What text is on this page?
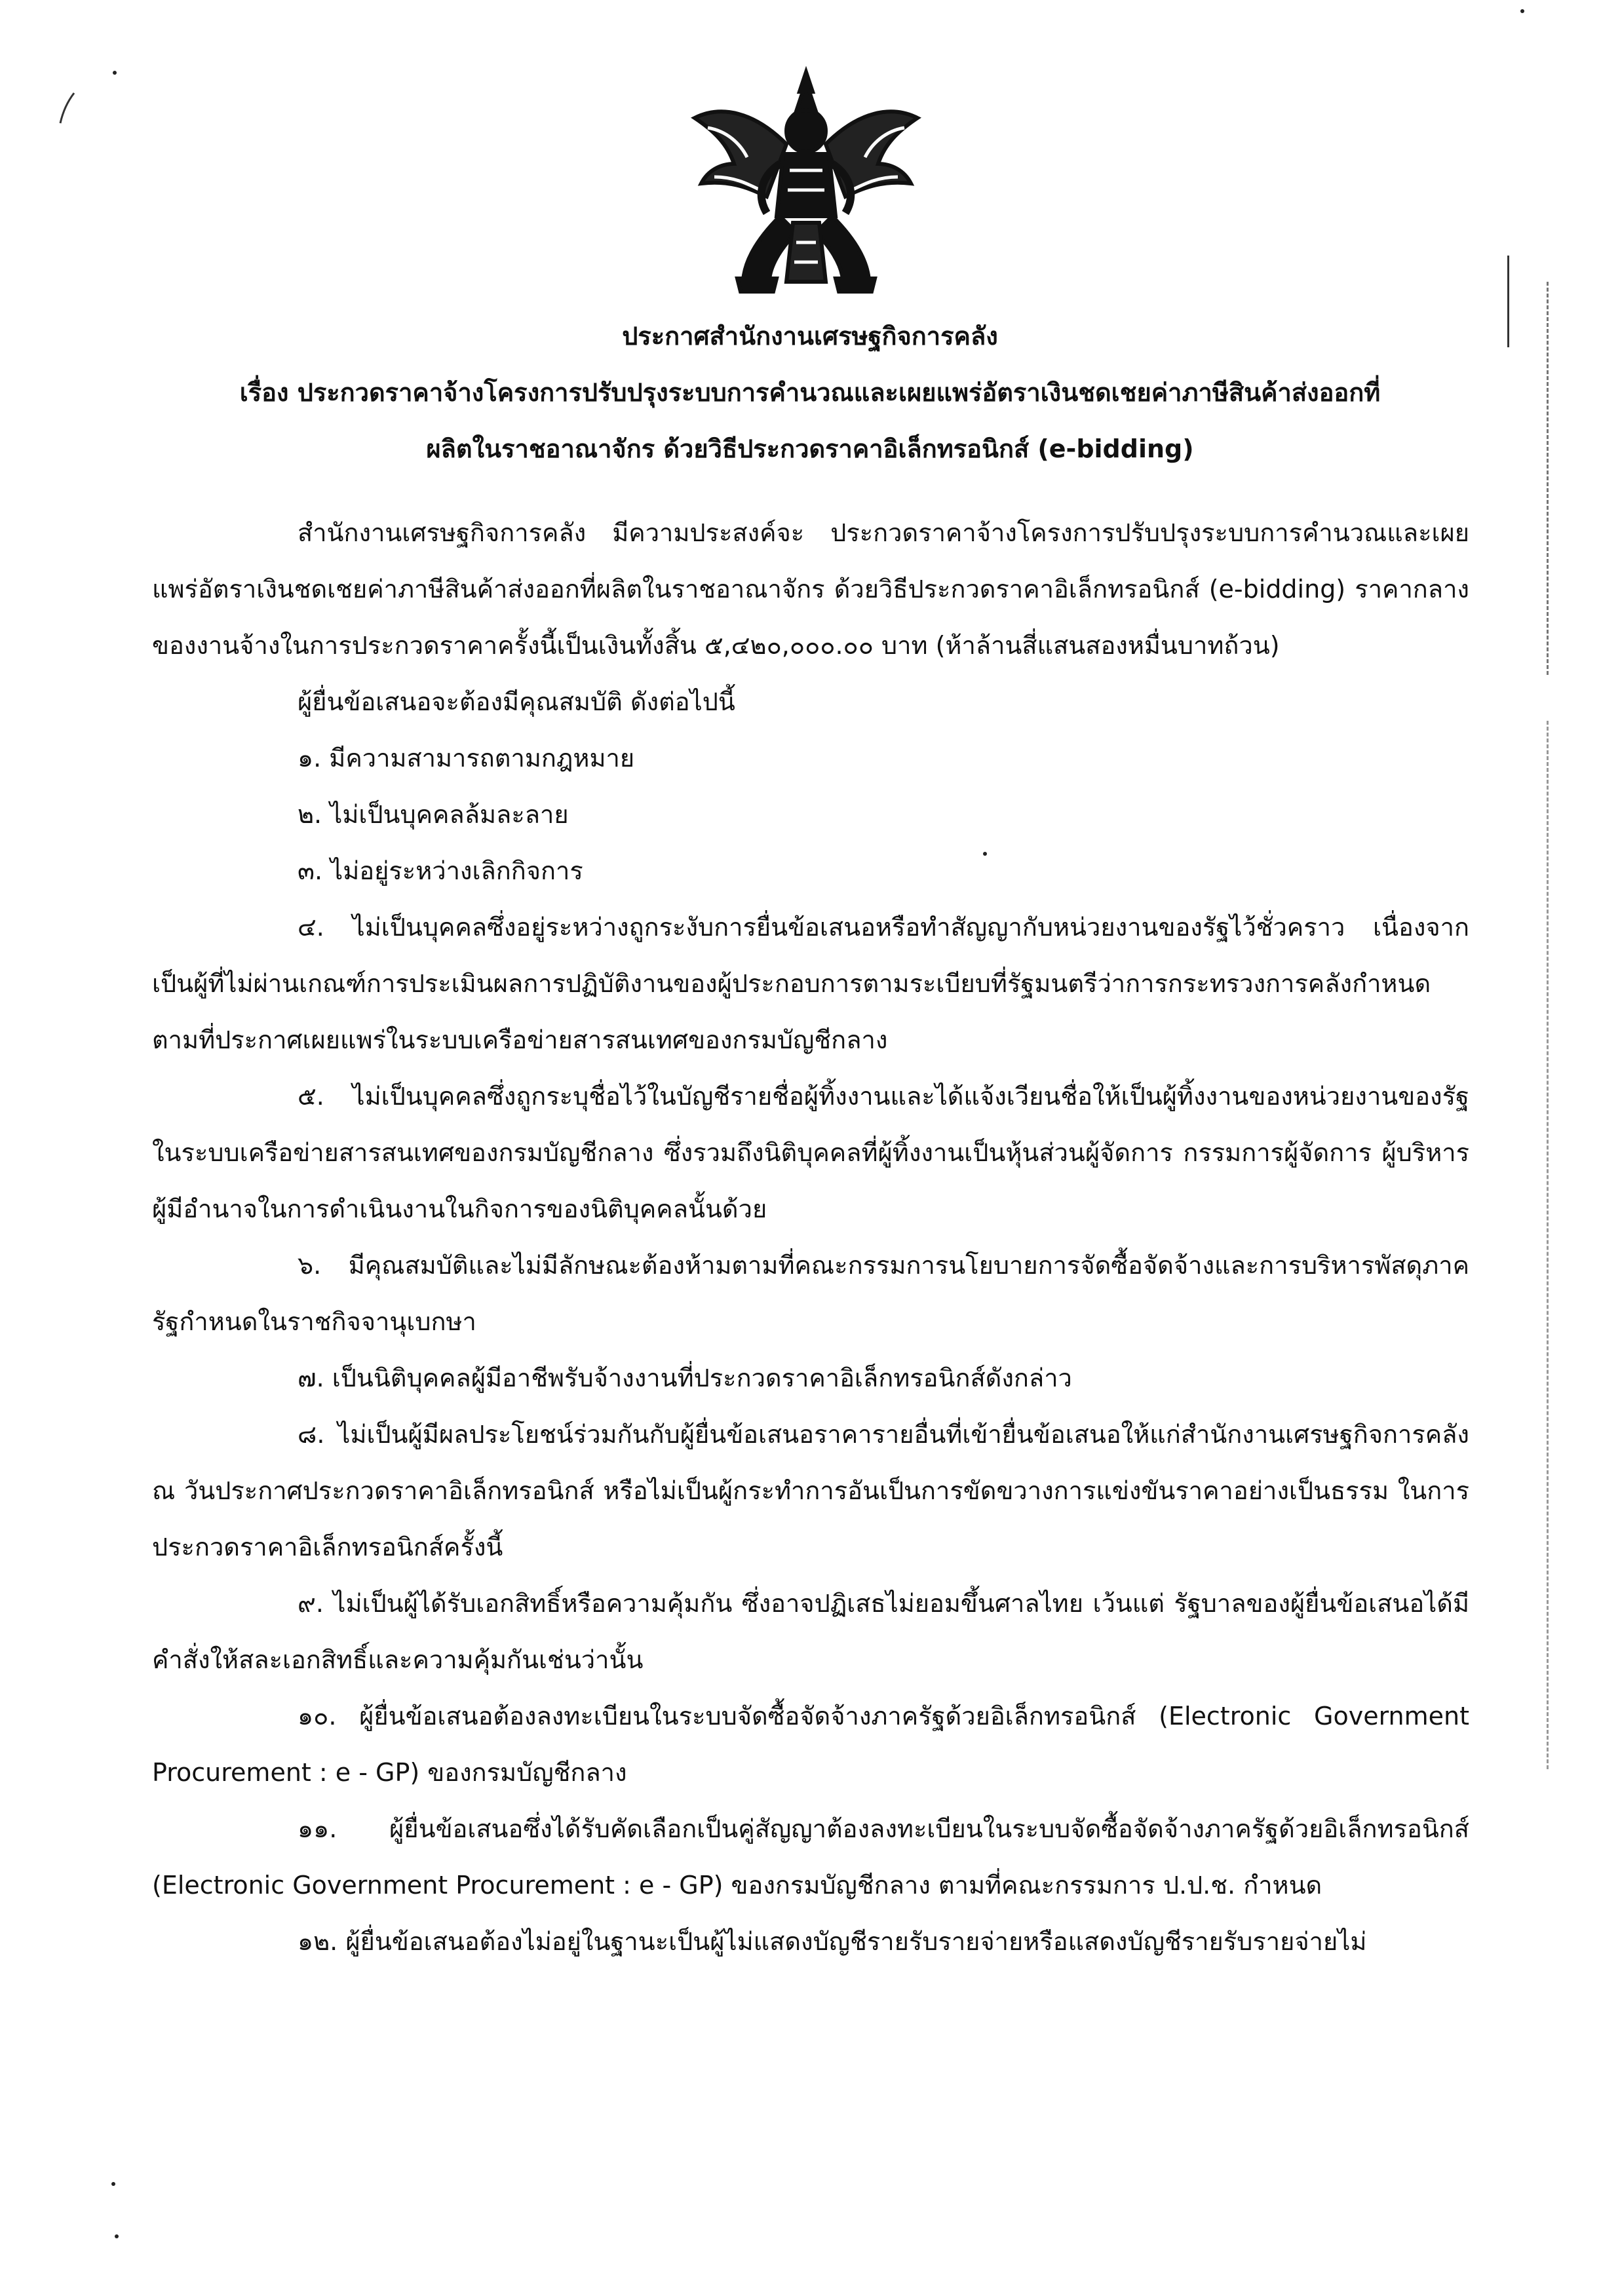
ประกาศสำนักงานเศรษฐกิจการคลัง
เรื่อง ประกวดราคาจ้างโครงการปรับปรุงระบบการคำนวณและเผยแพร่อัตราเงินชดเชยค่าภาษีสินค้าส่งออกที่
ผลิตในราชอาณาจักร ด้วยวิธีประกวดราคาอิเล็กทรอนิกส์ (e-bidding)

สำนักงานเศรษฐกิจการคลัง มีความประสงค์จะ ประกวดราคาจ้างโครงการปรับปรุงระบบการคำนวณและเผยแพร่อัตราเงินชดเชยค่าภาษีสินค้าส่งออกที่ผลิตในราชอาณาจักร ด้วยวิธีประกวดราคาอิเล็กทรอนิกส์ (e-bidding) ราคากลางของงานจ้างในการประกวดราคาครั้งนี้เป็นเงินทั้งสิ้น ๕,๔๒๐,๐๐๐.๐๐ บาท (ห้าล้านสี่แสนสองหมื่นบาทถ้วน)

ผู้ยื่นข้อเสนอจะต้องมีคุณสมบัติ ดังต่อไปนี้

๑. มีความสามารถตามกฎหมาย

๒. ไม่เป็นบุคคลล้มละลาย

๓. ไม่อยู่ระหว่างเลิกกิจการ

๔. ไม่เป็นบุคคลซึ่งอยู่ระหว่างถูกระงับการยื่นข้อเสนอหรือทำสัญญากับหน่วยงานของรัฐไว้ชั่วคราว เนื่องจากเป็นผู้ที่ไม่ผ่านเกณฑ์การประเมินผลการปฏิบัติงานของผู้ประกอบการตามระเบียบที่รัฐมนตรีว่าการกระทรวงการคลังกำหนดตามที่ประกาศเผยแพร่ในระบบเครือข่ายสารสนเทศของกรมบัญชีกลาง

๕. ไม่เป็นบุคคลซึ่งถูกระบุชื่อไว้ในบัญชีรายชื่อผู้ทิ้งงานและได้แจ้งเวียนชื่อให้เป็นผู้ทิ้งงานของหน่วยงานของรัฐในระบบเครือข่ายสารสนเทศของกรมบัญชีกลาง ซึ่งรวมถึงนิติบุคคลที่ผู้ทิ้งงานเป็นหุ้นส่วนผู้จัดการ กรรมการผู้จัดการ ผู้บริหาร ผู้มีอำนาจในการดำเนินงานในกิจการของนิติบุคคลนั้นด้วย

๖. มีคุณสมบัติและไม่มีลักษณะต้องห้ามตามที่คณะกรรมการนโยบายการจัดซื้อจัดจ้างและการบริหารพัสดุภาครัฐกำหนดในราชกิจจานุเบกษา

๗. เป็นนิติบุคคลผู้มีอาชีพรับจ้างงานที่ประกวดราคาอิเล็กทรอนิกส์ดังกล่าว

๘. ไม่เป็นผู้มีผลประโยชน์ร่วมกันกับผู้ยื่นข้อเสนอราคารายอื่นที่เข้ายื่นข้อเสนอให้แก่สำนักงานเศรษฐกิจการคลัง ณ วันประกาศประกวดราคาอิเล็กทรอนิกส์ หรือไม่เป็นผู้กระทำการอันเป็นการขัดขวางการแข่งขันราคาอย่างเป็นธรรม ในการประกวดราคาอิเล็กทรอนิกส์ครั้งนี้

๙. ไม่เป็นผู้ได้รับเอกสิทธิ์หรือความคุ้มกัน ซึ่งอาจปฏิเสธไม่ยอมขึ้นศาลไทย เว้นแต่ รัฐบาลของผู้ยื่นข้อเสนอได้มีคำสั่งให้สละเอกสิทธิ์และความคุ้มกันเช่นว่านั้น

๑๐. ผู้ยื่นข้อเสนอต้องลงทะเบียนในระบบจัดซื้อจัดจ้างภาครัฐด้วยอิเล็กทรอนิกส์ (Electronic Government Procurement : e - GP) ของกรมบัญชีกลาง

๑๑. ผู้ยื่นข้อเสนอซึ่งได้รับคัดเลือกเป็นคู่สัญญาต้องลงทะเบียนในระบบจัดซื้อจัดจ้างภาครัฐด้วยอิเล็กทรอนิกส์ (Electronic Government Procurement : e - GP) ของกรมบัญชีกลาง ตามที่คณะกรรมการ ป.ป.ช. กำหนด

๑๒. ผู้ยื่นข้อเสนอต้องไม่อยู่ในฐานะเป็นผู้ไม่แสดงบัญชีรายรับรายจ่ายหรือแสดงบัญชีรายรับรายจ่ายไม่
